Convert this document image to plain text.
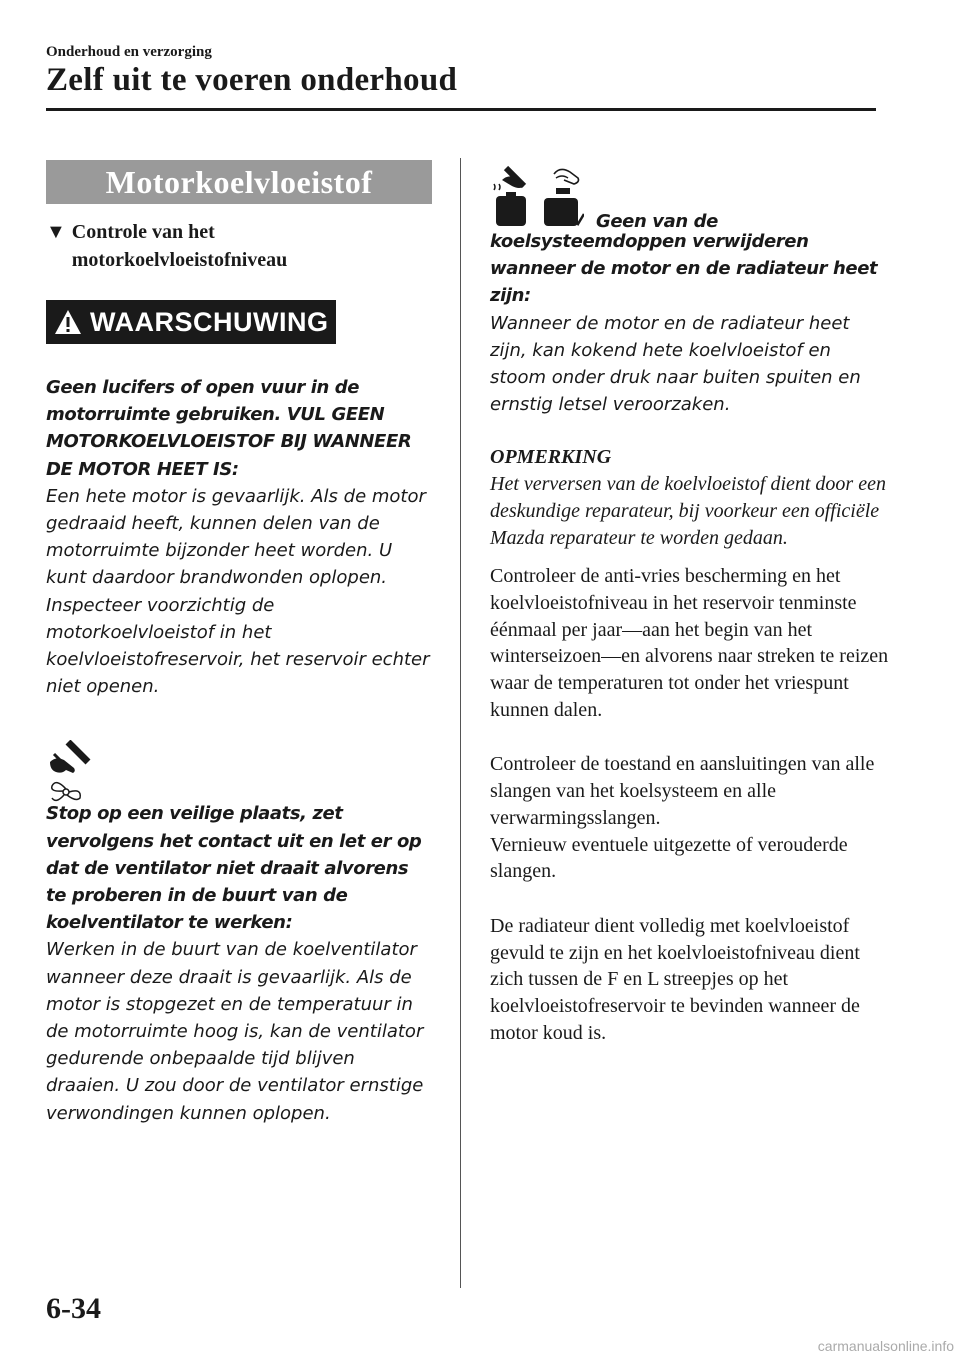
Onderhoud en verzorging
Zelf uit te voeren onderhoud
Motorkoelvloeistof
▼ Controle van het motorkoelvloeistofniveau
WAARSCHUWING
Geen lucifers of open vuur in de motorruimte gebruiken. VUL GEEN MOTORKOELVLOEISTOF BIJ WANNEER DE MOTOR HEET IS:
Een hete motor is gevaarlijk. Als de motor gedraaid heeft, kunnen delen van de motorruimte bijzonder heet worden. U kunt daardoor brandwonden oplopen. Inspecteer voorzichtig de motorkoelvloeistof in het koelvloeistofreservoir, het reservoir echter niet openen.
Stop op een veilige plaats, zet vervolgens het contact uit en let er op dat de ventilator niet draait alvorens te proberen in de buurt van de koelventilator te werken:
Werken in de buurt van de koelventilator wanneer deze draait is gevaarlijk. Als de motor is stopgezet en de temperatuur in de motorruimte hoog is, kan de ventilator gedurende onbepaalde tijd blijven draaien. U zou door de ventilator ernstige verwondingen kunnen oplopen.
Geen van de
koelsysteemdoppen verwijderen wanneer de motor en de radiateur heet zijn:
Wanneer de motor en de radiateur heet zijn, kan kokend hete koelvloeistof en stoom onder druk naar buiten spuiten en ernstig letsel veroorzaken.
OPMERKING
Het verversen van de koelvloeistof dient door een deskundige reparateur, bij voorkeur een officiële Mazda reparateur te worden gedaan.
Controleer de anti-vries bescherming en het koelvloeistofniveau in het reservoir tenminste éénmaal per jaar―aan het begin van het winterseizoen―en alvorens naar streken te reizen waar de temperaturen tot onder het vriespunt kunnen dalen.
Controleer de toestand en aansluitingen van alle slangen van het koelsysteem en alle verwarmingsslangen.
Vernieuw eventuele uitgezette of verouderde slangen.
De radiateur dient volledig met koelvloeistof gevuld te zijn en het koelvloeistofniveau dient zich tussen de F en L streepjes op het koelvloeistofreservoir te bevinden wanneer de motor koud is.
6-34
carmanualsonline.info
